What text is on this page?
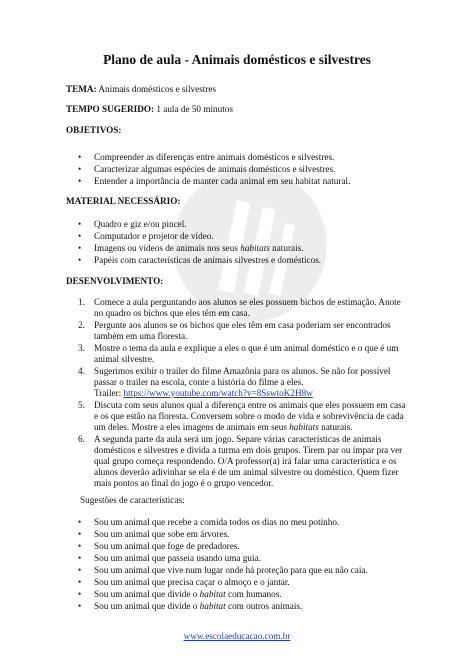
Plano de aula - Animais domésticos e silvestres
TEMA: Animais domésticos e silvestres
TEMPO SUGERIDO: 1 aula de 50 minutos
OBJETIVOS:
• Compreender as diferenças entre animais domésticos e silvestres.
• Caracterizar algumas espécies de animais domésticos e silvestres.
• Entender a importância de manter cada animal em seu habitat natural.
MATERIAL NECESSÁRIO:
• Quadro e giz e/ou pincel.
• Computador e projetor de vídeo.
• Imagens ou vídeos de animais nos seus habitats naturais.
• Papéis com características de animais silvestres e domésticos.
DESENVOLVIMENTO:
1. Comece a aula perguntando aos alunos se eles possuem bichos de estimação. Anote no quadro os bichos que eles têm em casa.
2. Pergunte aos alunos se os bichos que eles têm em casa poderiam ser encontrados também em uma floresta.
3. Mostre o tema da aula e explique a eles o que é um animal doméstico e o que é um animal silvestre.
4. Sugerimos exibir o trailer do filme Amazônia para os alunos. Se não for possível passar o trailer na escola, conte a história do filme a eles.
Trailer: https://www.youtube.com/watch?v=8SswtoK2H8w
5. Discuta com seus alunos qual a diferença entre os animais que eles possuem em casa e os que estão na floresta. Conversem sobre o modo de vida e sobrevivência de cada um deles. Mostre a eles imagens de animais em seus habitats naturais.
6. A segunda parte da aula será um jogo. Separe várias características de animais domésticos e silvestres e divida a turma em dois grupos. Tirem par ou ímpar pra ver qual grupo começa respondendo. O/A professor(a) irá falar uma característica e os alunos deverão adivinhar se ela é de um animal silvestre ou doméstico. Quem fizer mais pontos ao final do jogo é o grupo vencedor.
Sugestões de características:
• Sou um animal que recebe a comida todos os dias no meu potinho.
• Sou um animal que sobe em árvores.
• Sou um animal que foge de predadores.
• Sou um animal que passeia usando uma guia.
• Sou um animal que vive num lugar onde há proteção para que eu não caia.
• Sou um animal que precisa caçar o almoço e o jantar.
• Sou um animal que divide o habitat com humanos.
• Sou um animal que divide o habitat com outros animais.
www.escolaeducacao.com.br
